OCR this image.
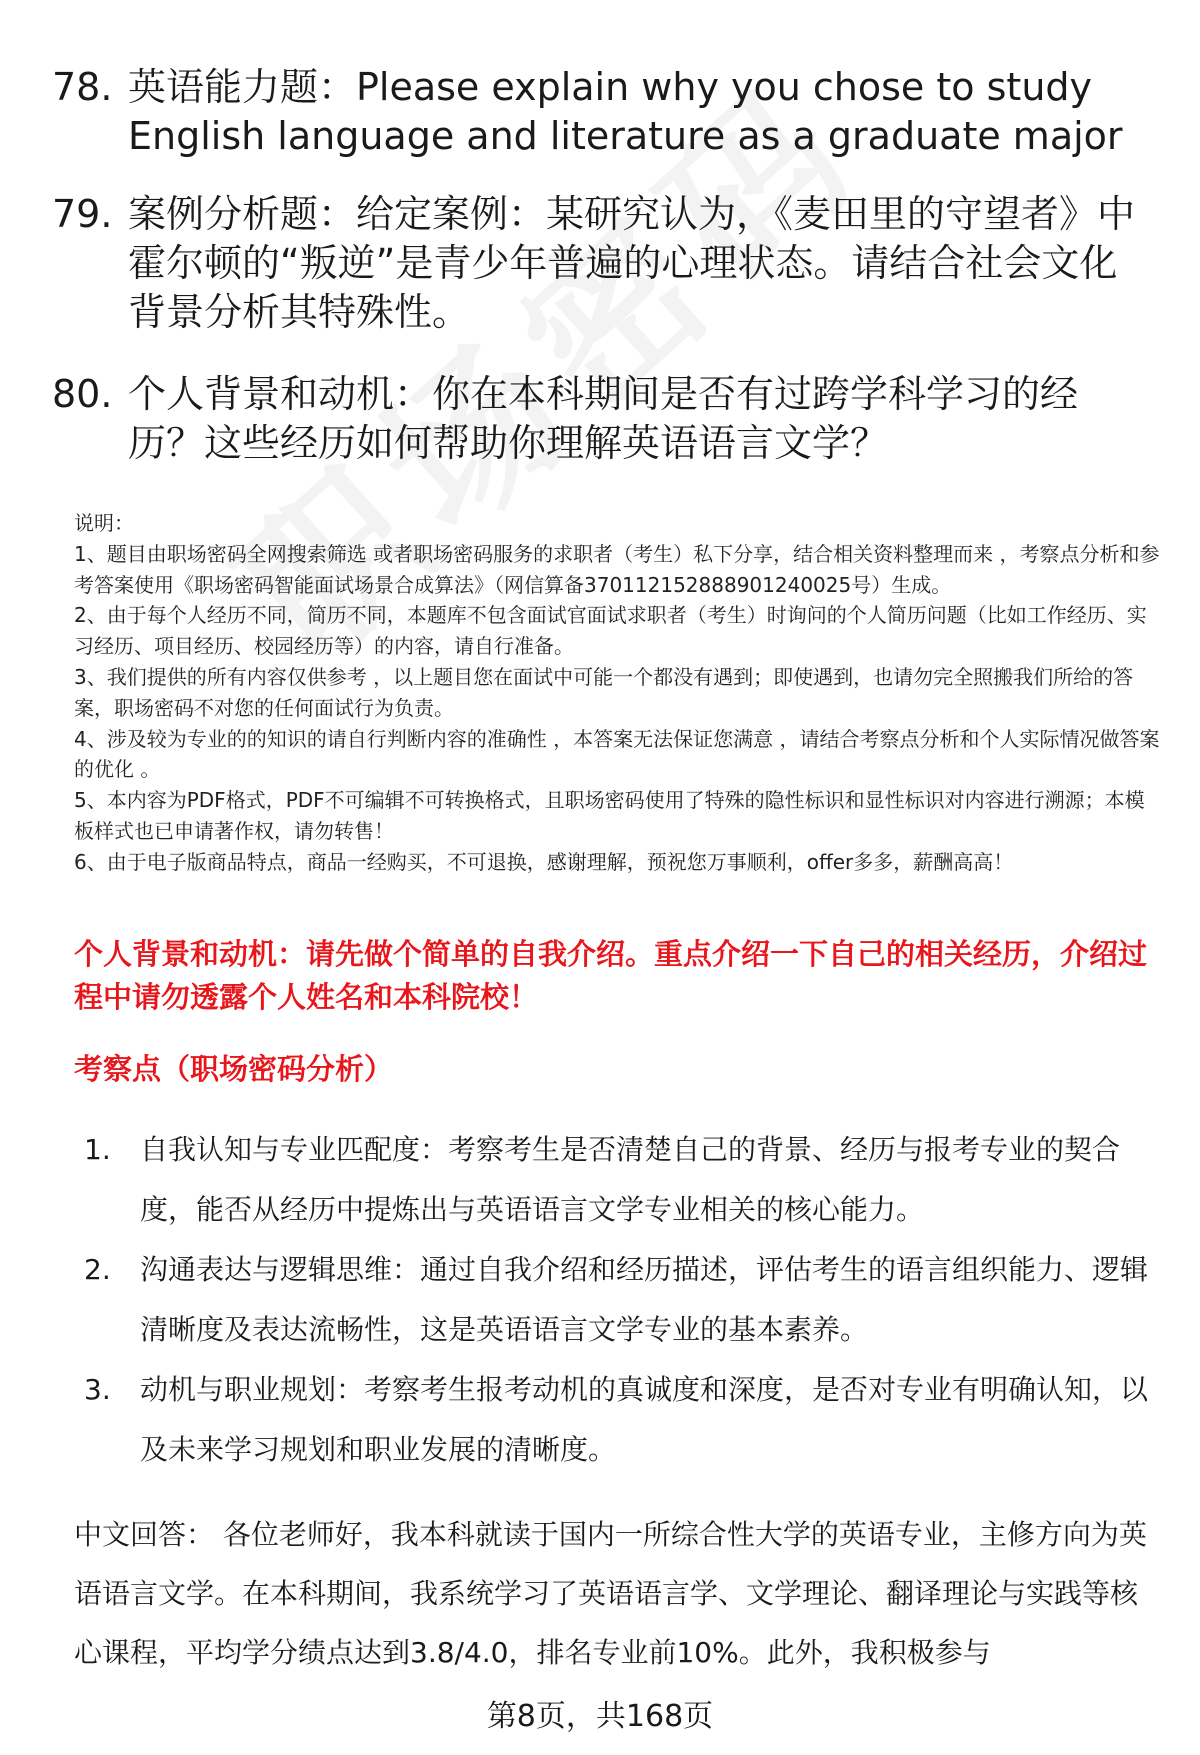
78. 英语能力题：Please explain why you chose to study English language and literature as a graduate major
79. 案例分析题：给定案例：某研究认为，《麦田里的守望者》中霍尔顿的“叛逆”是青少年普遍的心理状态。请结合社会文化背景分析其特殊性。
80. 个人背景和动机：你在本科期间是否有过跨学科学习的经历？这些经历如何帮助你理解英语语言文学？

说明：

1、题目由职场密码全网搜索筛选 或者职场密码服务的求职者（考生）私下分享，结合相关资料整理而来 ，考察点分析和参考答案使用《职场密码智能面试场景合成算法》（网信算备370112152888901240025号）生成。

2、由于每个人经历不同，简历不同，本题库不包含面试官面试求职者（考生）时询问的个人简历问题（比如工作经历、实习经历、项目经历、校园经历等）的内容，请自行准备。

3、我们提供的所有内容仅供参考 ，以上题目您在面试中可能一个都没有遇到；即使遇到，也请勿完全照搬我们所给的答案，职场密码不对您的任何面试行为负责。

4、涉及较为专业的的知识的请自行判断内容的准确性 ，本答案无法保证您满意 ，请结合考察点分析和个人实际情况做答案的优化 。

5、本内容为PDF格式，PDF不可编辑不可转换格式，且职场密码使用了特殊的隐性标识和显性标识对内容进行溯源；本模板样式也已申请著作权，请勿转售！

6、由于电子版商品特点，商品一经购买，不可退换，感谢理解，预祝您万事顺利，offer多多，薪酬高高！

个人背景和动机：请先做个简单的自我介绍。重点介绍一下自己的相关经历，介绍过程中请勿透露个人姓名和本科院校！
考察点（职场密码分析）
1.	自我认知与专业匹配度：考察考生是否清楚自己的背景、经历与报考专业的契合度，能否从经历中提炼出与英语语言文学专业相关的核心能力。
2.	沟通表达与逻辑思维：通过自我介绍和经历描述，评估考生的语言组织能力、逻辑清晰度及表达流畅性，这是英语语言文学专业的基本素养。
3.	动机与职业规划：考察考生报考动机的真诚度和深度，是否对专业有明确认知，以及未来学习规划和职业发展的清晰度。
中文回答： 各位老师好，我本科就读于国内一所综合性大学的英语专业，主修方向为英语语言文学。在本科期间，我系统学习了英语语言学、文学理论、翻译理论与实践等核心课程，平均学分绩点达到3.8/4.0，排名专业前10%。此外，我积极参与
第8页，共168页
